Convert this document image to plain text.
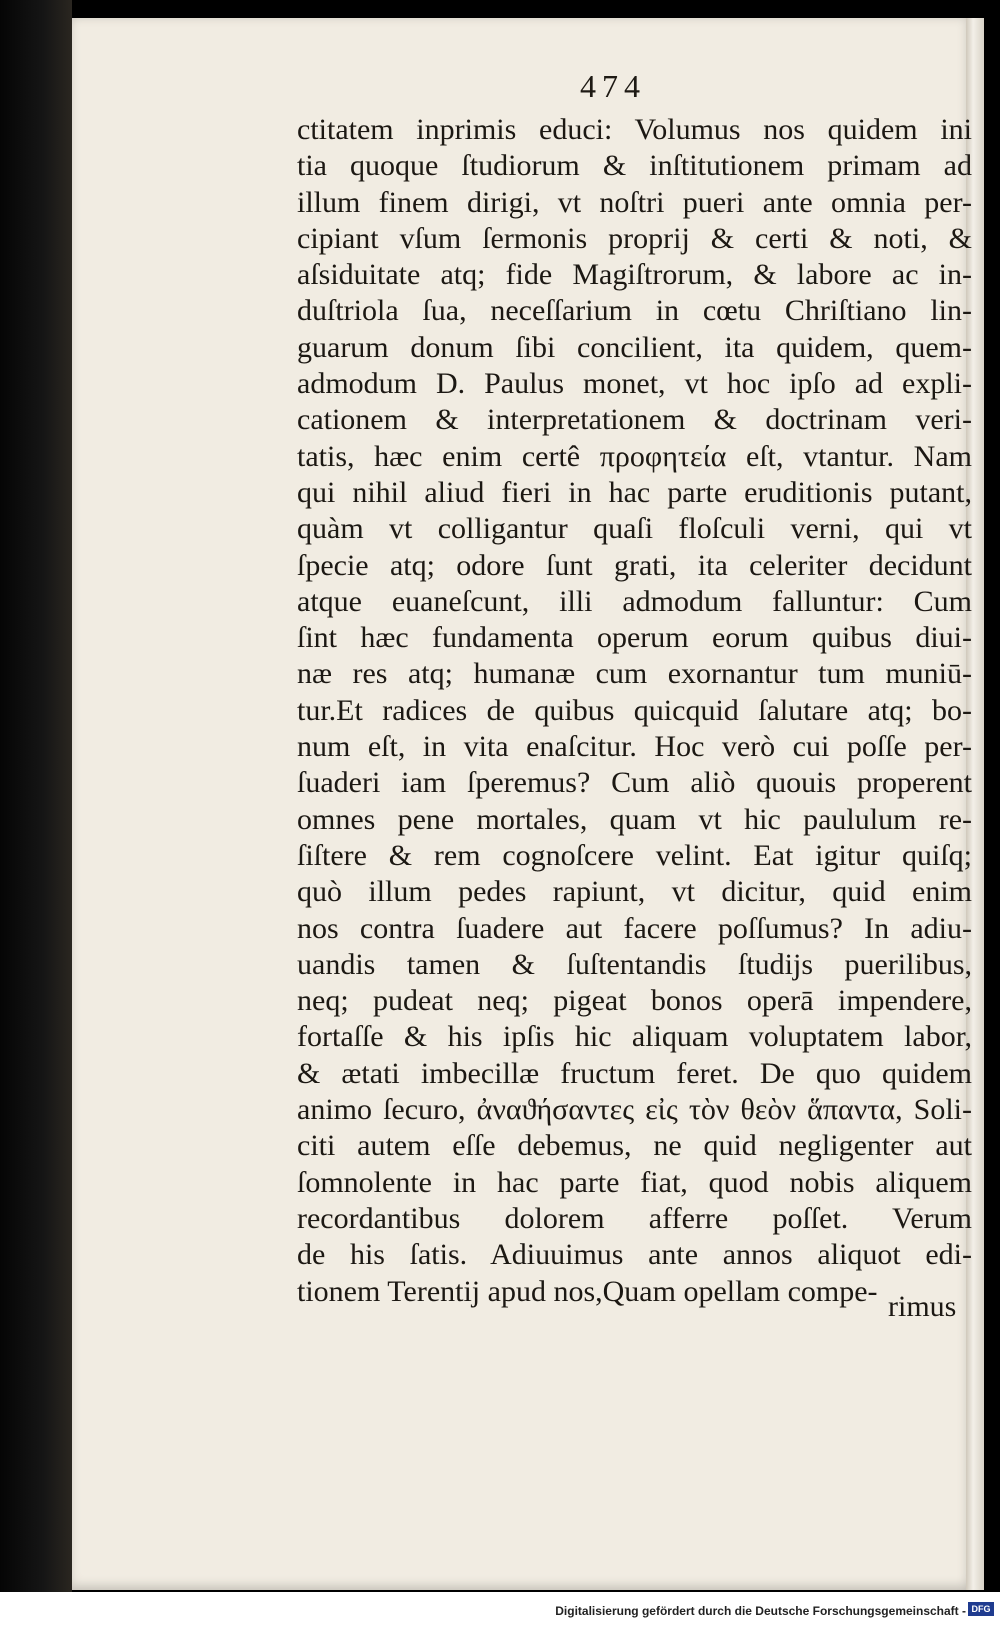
474
ctitatem inprimis educi: Volumus nos quidem ini
tia quoque ſtudiorum & inſtitutionem primam ad
illum finem dirigi, vt noſtri pueri ante omnia per-
cipiant vſum ſermonis proprij & certi & noti, &
aſsiduitate atq; fide Magiſtrorum, & labore ac in-
duſtriola ſua, neceſſarium in cœtu Chriſtiano lin-
guarum donum ſibi concilient, ita quidem, quem-
admodum D. Paulus monet, vt hoc ipſo ad expli-
cationem & interpretationem & doctrinam veri-
tatis, hæc enim certê προφητεία eſt, vtantur. Nam
qui nihil aliud fieri in hac parte eruditionis putant,
quàm vt colligantur quaſi floſculi verni, qui vt
ſpecie atq; odore ſunt grati, ita celeriter decidunt
atque euaneſcunt, illi admodum falluntur: Cum
ſint hæc fundamenta operum eorum quibus diui-
næ res atq; humanæ cum exornantur tum muniū-
tur.Et radices de quibus quicquid ſalutare atq; bo-
num eſt, in vita enaſcitur. Hoc verò cui poſſe per-
ſuaderi iam ſperemus? Cum aliò quouis properent
omnes pene mortales, quam vt hic paululum re-
ſiſtere & rem cognoſcere velint. Eat igitur quiſq;
quò illum pedes rapiunt, vt dicitur, quid enim
nos contra ſuadere aut facere poſſumus? In adiu-
uandis tamen & ſuſtentandis ſtudijs puerilibus,
neq; pudeat neq; pigeat bonos operā impendere,
fortaſſe & his ipſis hic aliquam voluptatem labor,
& ætati imbecillæ fructum feret. De quo quidem
animo ſecuro, ἀναϑήσαντες εἰς τὸν θεὸν ἅπαντα, Soli-
citi autem eſſe debemus, ne quid negligenter aut
ſomnolente in hac parte fiat, quod nobis aliquem
recordantibus dolorem afferre poſſet. Verum
de his ſatis. Adiuuimus ante annos aliquot edi-
tionem Terentij apud nos,Quam opellam compe- rimus
Digitalisierung gefördert durch die Deutsche Forschungsgemeinschaft - DFG
